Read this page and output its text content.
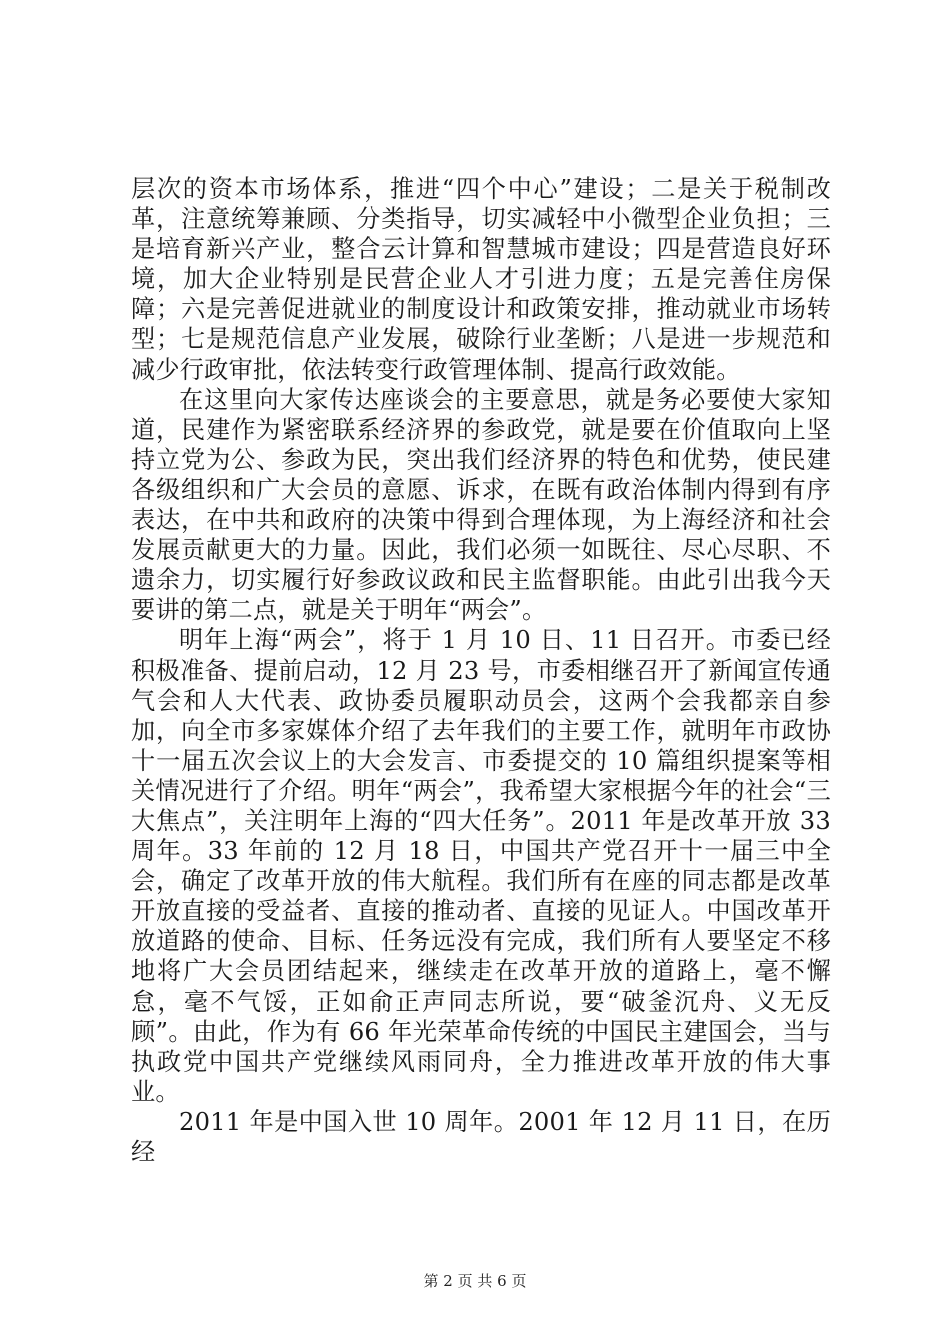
层次的资本市场体系，推进“四个中心”建设；二是关于税制改革，注意统筹兼顾、分类指导，切实减轻中小微型企业负担；三是培育新兴产业，整合云计算和智慧城市建设；四是营造良好环境，加大企业特别是民营企业人才引进力度；五是完善住房保障；六是完善促进就业的制度设计和政策安排，推动就业市场转型；七是规范信息产业发展，破除行业垄断；八是进一步规范和减少行政审批，依法转变行政管理体制、提高行政效能。

在这里向大家传达座谈会的主要意思，就是务必要使大家知道，民建作为紧密联系经济界的参政党，就是要在价值取向上坚持立党为公、参政为民，突出我们经济界的特色和优势，使民建各级组织和广大会员的意愿、诉求，在既有政治体制内得到有序表达，在中共和政府的决策中得到合理体现，为上海经济和社会发展贡献更大的力量。因此，我们必须一如既往、尽心尽职、不遗余力，切实履行好参政议政和民主监督职能。由此引出我今天要讲的第二点，就是关于明年“两会”。

明年上海“两会”，将于 1 月 10 日、11 日召开。市委已经积极准备、提前启动，12 月 23 号，市委相继召开了新闻宣传通气会和人大代表、政协委员履职动员会，这两个会我都亲自参加，向全市多家媒体介绍了去年我们的主要工作，就明年市政协十一届五次会议上的大会发言、市委提交的 10 篇组织提案等相关情况进行了介绍。明年“两会”，我希望大家根据今年的社会“三大焦点”，关注明年上海的“四大任务”。2011 年是改革开放 33 周年。33 年前的 12 月 18 日，中国共产党召开十一届三中全会，确定了改革开放的伟大航程。我们所有在座的同志都是改革开放直接的受益者、直接的推动者、直接的见证人。中国改革开放道路的使命、目标、任务远没有完成，我们所有人要坚定不移地将广大会员团结起来，继续走在改革开放的道路上，毫不懈怠，毫不气馁，正如俞正声同志所说，要“破釜沉舟、义无反顾”。由此，作为有 66 年光荣革命传统的中国民主建国会，当与执政党中国共产党继续风雨同舟，全力推进改革开放的伟大事业。

2011 年是中国入世 10 周年。2001 年 12 月 11 日，在历经

第 2 页 共 6 页
